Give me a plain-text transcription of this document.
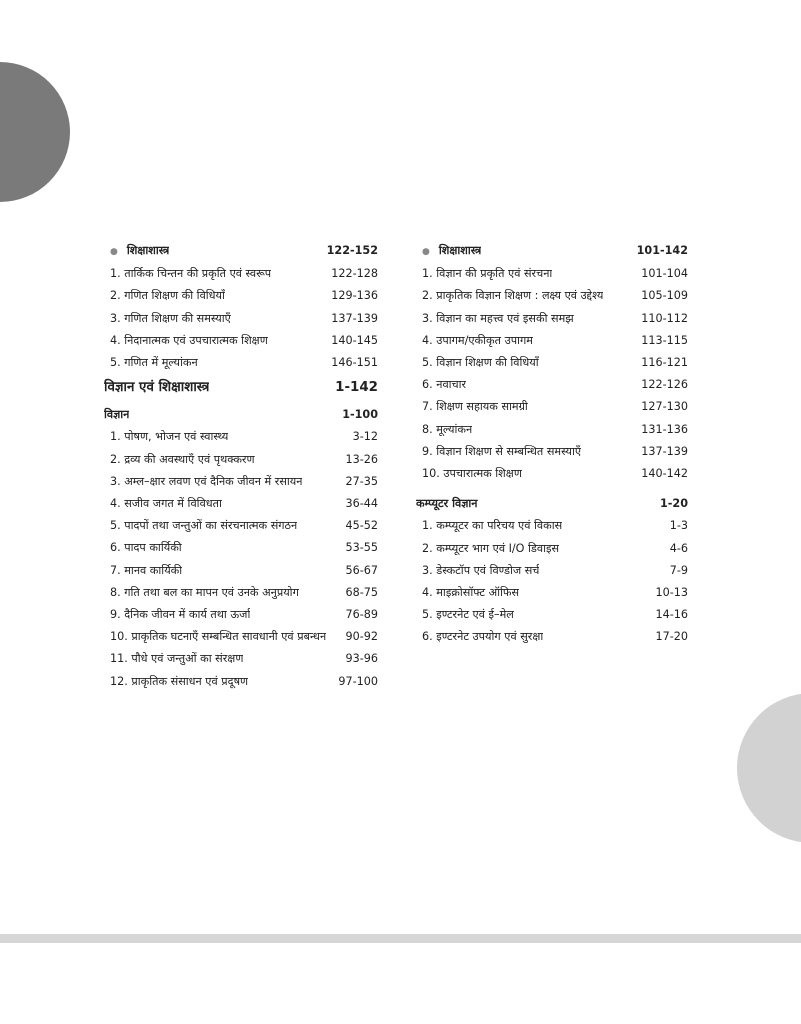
● शिक्षाशास्त्र	122-152
1. तार्किक चिन्तन की प्रकृति एवं स्वरूप	122-128
2. गणित शिक्षण की विधियाँ	129-136
3. गणित शिक्षण की समस्याएँ	137-139
4. निदानात्मक एवं उपचारात्मक शिक्षण	140-145
5. गणित में मूल्यांकन	146-151
विज्ञान एवं शिक्षाशास्त्र	1-142
विज्ञान	1-100
1. पोषण, भोजन एवं स्वास्थ्य	3-12
2. द्रव्य की अवस्थाएँ एवं पृथक्करण	13-26
3. अम्ल–क्षार लवण एवं दैनिक जीवन में रसायन	27-35
4. सजीव जगत में विविधता	36-44
5. पादपों तथा जन्तुओं का संरचनात्मक संगठन	45-52
6. पादप कार्यिकी	53-55
7. मानव कार्यिकी	56-67
8. गति तथा बल का मापन एवं उनके अनुप्रयोग	68-75
9. दैनिक जीवन में कार्य तथा ऊर्जा	76-89
10. प्राकृतिक घटनाएँ सम्बन्धित सावधानी एवं प्रबन्धन	90-92
11. पौधे एवं जन्तुओं का संरक्षण	93-96
12. प्राकृतिक संसाधन एवं प्रदूषण	97-100
● शिक्षाशास्त्र	101-142
1. विज्ञान की प्रकृति एवं संरचना	101-104
2. प्राकृतिक विज्ञान शिक्षण : लक्ष्य एवं उद्देश्य	105-109
3. विज्ञान का महत्त्व एवं इसकी समझ	110-112
4. उपागम/एकीकृत उपागम	113-115
5. विज्ञान शिक्षण की विधियाँ	116-121
6. नवाचार	122-126
7. शिक्षण सहायक सामग्री	127-130
8. मूल्यांकन	131-136
9. विज्ञान शिक्षण से सम्बन्धित समस्याएँ	137-139
10. उपचारात्मक शिक्षण	140-142
कम्प्यूटर विज्ञान	1-20
1. कम्प्यूटर का परिचय एवं विकास	1-3
2. कम्प्यूटर भाग एवं I/O डिवाइस	4-6
3. डेस्कटॉप एवं विण्डोज सर्च	7-9
4. माइक्रोसॉफ्ट ऑफिस	10-13
5. इण्टरनेट एवं ई–मेल	14-16
6. इण्टरनेट उपयोग एवं सुरक्षा	17-20
